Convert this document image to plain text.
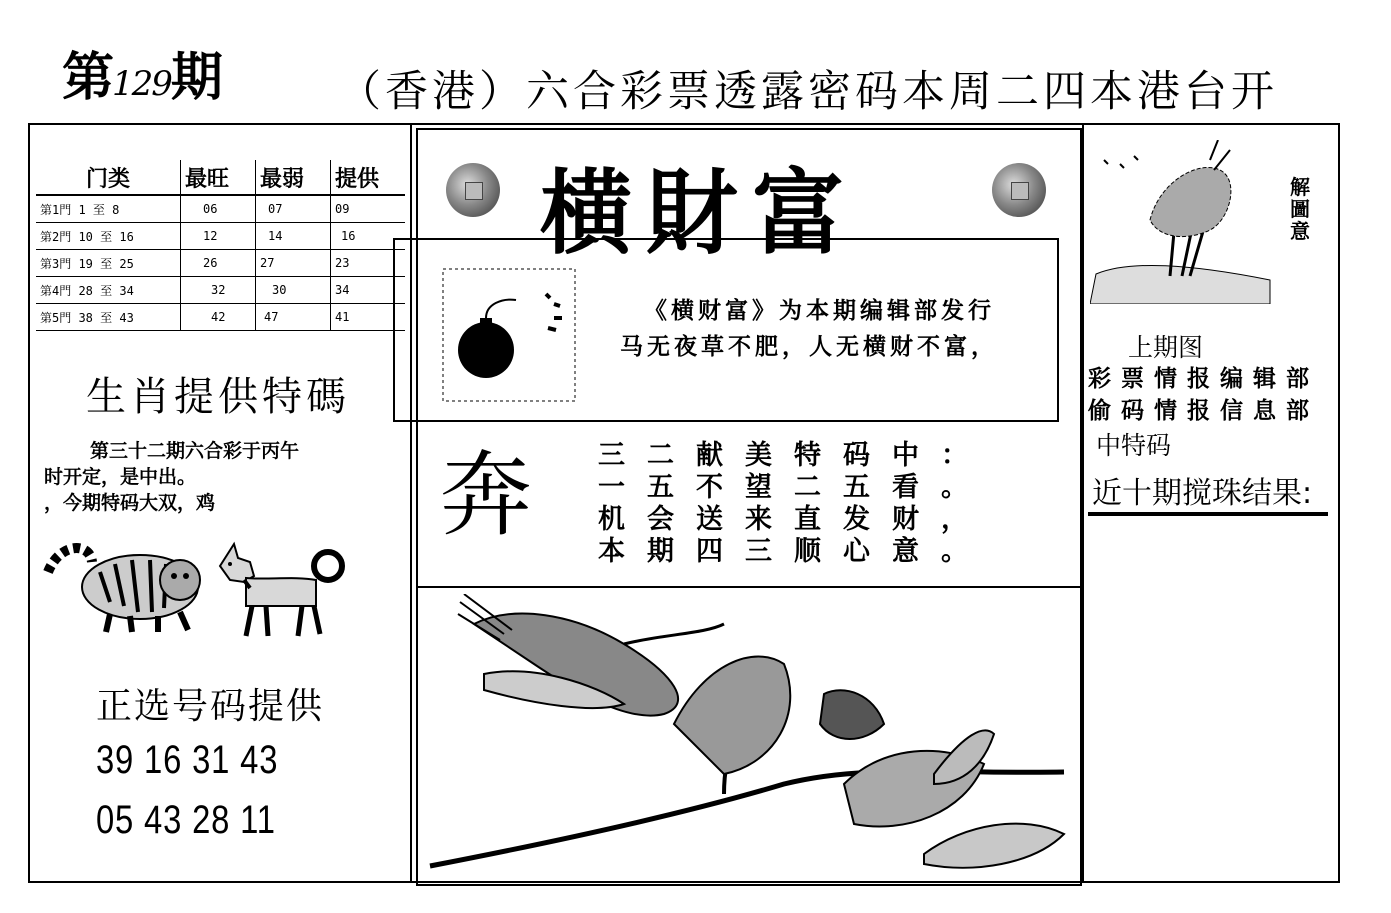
第129期	（香港）六合彩票透露密码本周二四本港台开
门类	最旺	最弱	提供
第1門 1 至 8	06	07	09
第2門 10 至 16	12	14	16
第3門 19 至 25	26	27	23
第4門 28 至 34	32	30	34
第5門 38 至 43	42	47	41
生肖提供特碼
第三十二期六合彩于丙午
时开定，是中出。
，今期特码大双，鸡
正选号码提供
39 16 31 43
05 43 28 11
横財富
《横财富》为本期编辑部发行
马无夜草不肥，人无横财不富，
奔 三二献美特码中：
一五不望二五看。
机会送来直发财，
本期四三顺心意。
解圖意
上期图
彩票情报编辑部
偷码情报信息部
中特码
近十期搅珠结果:
